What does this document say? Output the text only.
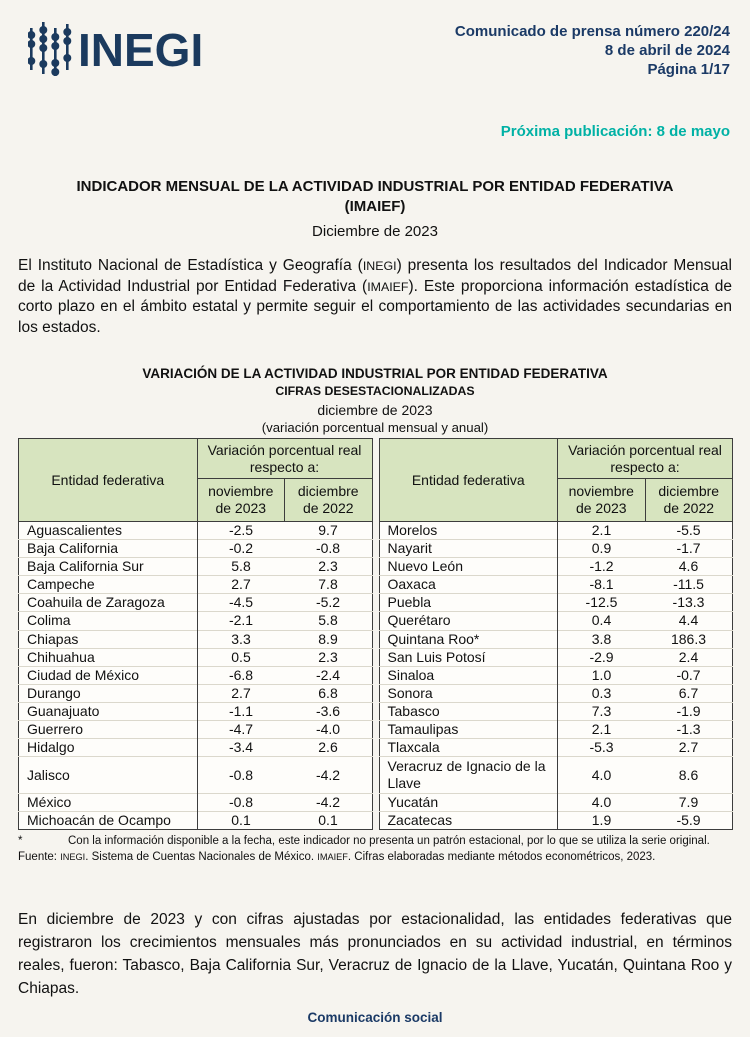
INEGI	Comunicado de prensa número 220/24
8 de abril de 2024
Página 1/17
Próxima publicación: 8 de mayo
INDICADOR MENSUAL DE LA ACTIVIDAD INDUSTRIAL POR ENTIDAD FEDERATIVA
(IMAIEF)
Diciembre de 2023

El Instituto Nacional de Estadística y Geografía (INEGI) presenta los resultados del Indicador Mensual de la Actividad Industrial por Entidad Federativa (IMAIEF). Este proporciona información estadística de corto plazo en el ámbito estatal y permite seguir el comportamiento de las actividades secundarias en los estados.

VARIACIÓN DE LA ACTIVIDAD INDUSTRIAL POR ENTIDAD FEDERATIVA
CIFRAS DESESTACIONALIZADAS
diciembre de 2023
(variación porcentual mensual y anual)
Entidad federativa	Variación porcentual real respecto a:	
	noviembre de 2023	diciembre de 2022
Aguascalientes	-2.5	9.7
Baja California	-0.2	-0.8
Baja California Sur	5.8	2.3
Campeche	2.7	7.8
Coahuila de Zaragoza	-4.5	-5.2
Colima	-2.1	5.8
Chiapas	3.3	8.9
Chihuahua	0.5	2.3
Ciudad de México	-6.8	-2.4
Durango	2.7	6.8
Guanajuato	-1.1	-3.6
Guerrero	-4.7	-4.0
Hidalgo	-3.4	2.6
Jalisco	-0.8	-4.2
México	-0.8	-4.2
Michoacán de Ocampo	0.1	0.1
Entidad federativa	Variación porcentual real respecto a:	
	noviembre de 2023	diciembre de 2022
Morelos	2.1	-5.5
Nayarit	0.9	-1.7
Nuevo León	-1.2	4.6
Oaxaca	-8.1	-11.5
Puebla	-12.5	-13.3
Querétaro	0.4	4.4
Quintana Roo*	3.8	186.3
San Luis Potosí	-2.9	2.4
Sinaloa	1.0	-0.7
Sonora	0.3	6.7
Tabasco	7.3	-1.9
Tamaulipas	2.1	-1.3
Tlaxcala	-5.3	2.7
Veracruz de Ignacio de la Llave	4.0	8.6
Yucatán	4.0	7.9
Zacatecas	1.9	-5.9
*	Con la información disponible a la fecha, este indicador no presenta un patrón estacional, por lo que se utiliza la serie original.
Fuente: INEGI. Sistema de Cuentas Nacionales de México. IMAIEF. Cifras elaboradas mediante métodos econométricos, 2023.

En diciembre de 2023 y con cifras ajustadas por estacionalidad, las entidades federativas que registraron los crecimientos mensuales más pronunciados en su actividad industrial, en términos reales, fueron: Tabasco, Baja California Sur, Veracruz de Ignacio de la Llave, Yucatán, Quintana Roo y Chiapas.

Comunicación social
